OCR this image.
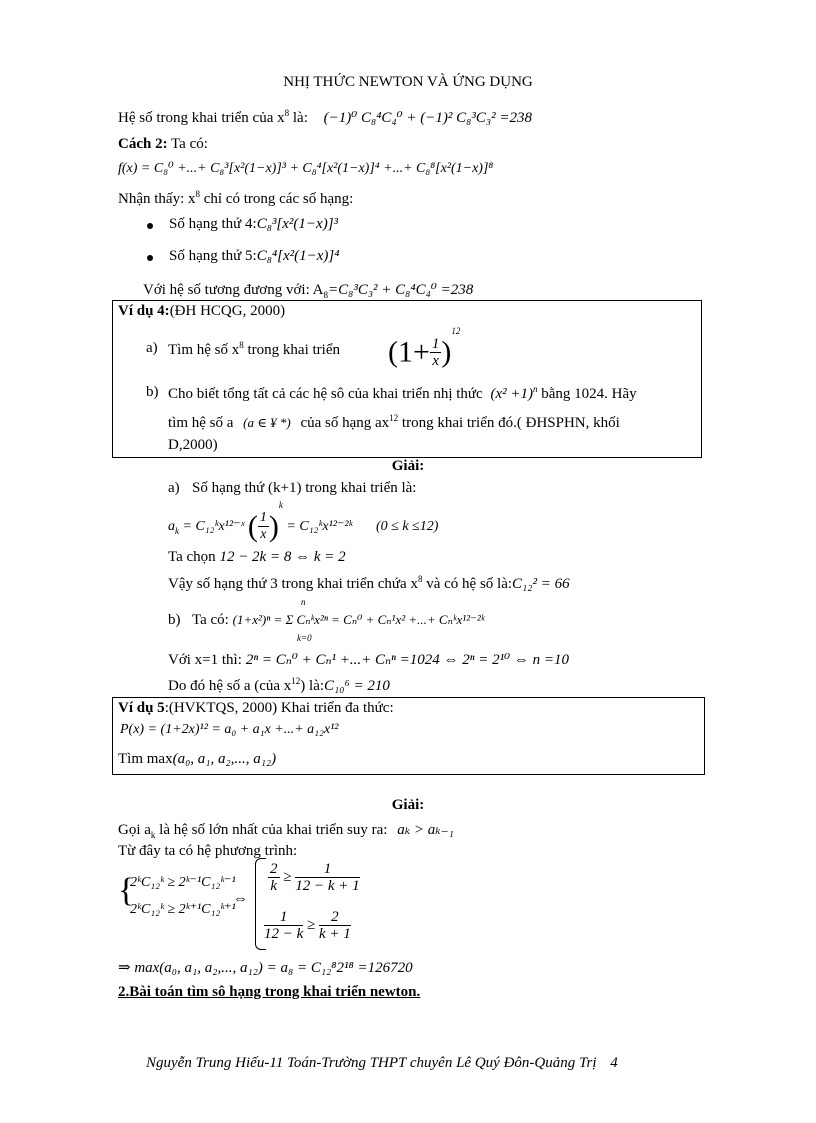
NHỊ THỨC NEWTON VÀ ỨNG DỤNG
Hệ số trong khai triển của $x^8$ là: (−1)⁰ C₈⁴C₄⁰ + (−1)² C₈³C₃² =238
Cách 2: Ta có:
f(x) = C₈⁰ +...+ C₈³[x²(1−x)]³ + C₈⁴[x²(1−x)]⁴ +...+ C₈⁸[x²(1−x)]⁸
Nhận thấy: $x^8$ chỉ có trong các số hạng:
Số hạng thứ 4:C₈³[x²(1−x)]³
Số hạng thứ 5:C₈⁴[x²(1−x)]⁴
Với hệ số tương đương với: $A_8=C_8^3C_3^2 + C_8^4C_4^0 =238$
Ví dụ 4:(ĐH HCQG, 2000)
a) Tìm hệ số $x^8$ trong khai triển $(1+ \frac{1}{x} )^{12}$
b) Cho biết tổng tất cả các hệ sô của khai triển nhị thức $(x^2 +1)^n$ bằng 1024. Hãy
tìm hệ số a (a ∈ ¥ *) của số hạng $ax^{12}$ trong khai triển đó.( ĐHSPHN, khối
D,2000)
Giải:
a) Số hạng thứ (k+1) trong khai triển là:
$a_k$ = C₁₂ᵏx¹²⁻ˣ ( $\frac{1}{x} )^k$ = C₁₂ᵏx¹²⁻²ᵏ (0 ≤ k ≤12)
Ta chọn 12 − 2k = 8 ⇔ k = 2
Vậy số hạng thứ 3 trong khai triển chứa $x^8$ và có hệ số là:C₁₂² = 66
b) Ta có: (1+x²)ⁿ = Σ Cₙᵏx²ⁿ = Cₙ⁰ + Cₙ¹x² +...+ Cₙᵏx¹²⁻²ᵏ
n
k=0
Với x=1 thì: 2ⁿ = Cₙ⁰ + Cₙ¹ +...+ Cₙⁿ =1024 ⇔ 2ⁿ = 2¹⁰ ⇔ n =10
Do đó hệ số a (của $x^{12}$) là:C₁₀⁶ = 210
Ví dụ 5:(HVKTQS, 2000) Khai triển đa thức:
P(x) = (1+2x)¹² = a₀ + a₁x +...+ a₁₂x¹²
Tìm max(a₀, a₁, a₂,..., a₁₂)
Giải:
Gọi $a_k$ là hệ số lớn nhất của khai triển suy ra: aₖ > aₖ₋₁
Từ đây ta có hệ phương trình:
{
2ᵏC₁₂ᵏ ≥ 2ᵏ⁻¹C₁₂ᵏ⁻¹
2ᵏC₁₂ᵏ ≥ 2ᵏ⁺¹C₁₂ᵏ⁺¹
⇔
$\frac{2}{k} \ge \frac{1}{12 - k + 1}$
$\frac{1}{12 - k} \ge \frac{2}{k + 1}$
⇒ max(a₀, a₁, a₂,..., a₁₂) = a₈ = C₁₂⁸2¹⁸ =126720
2.Bài toán tìm sô hạng trong khai triển newton.
Nguyễn Trung Hiếu-11 Toán-Trường THPT chuyên Lê Quý Đôn-Quảng Trị 4
